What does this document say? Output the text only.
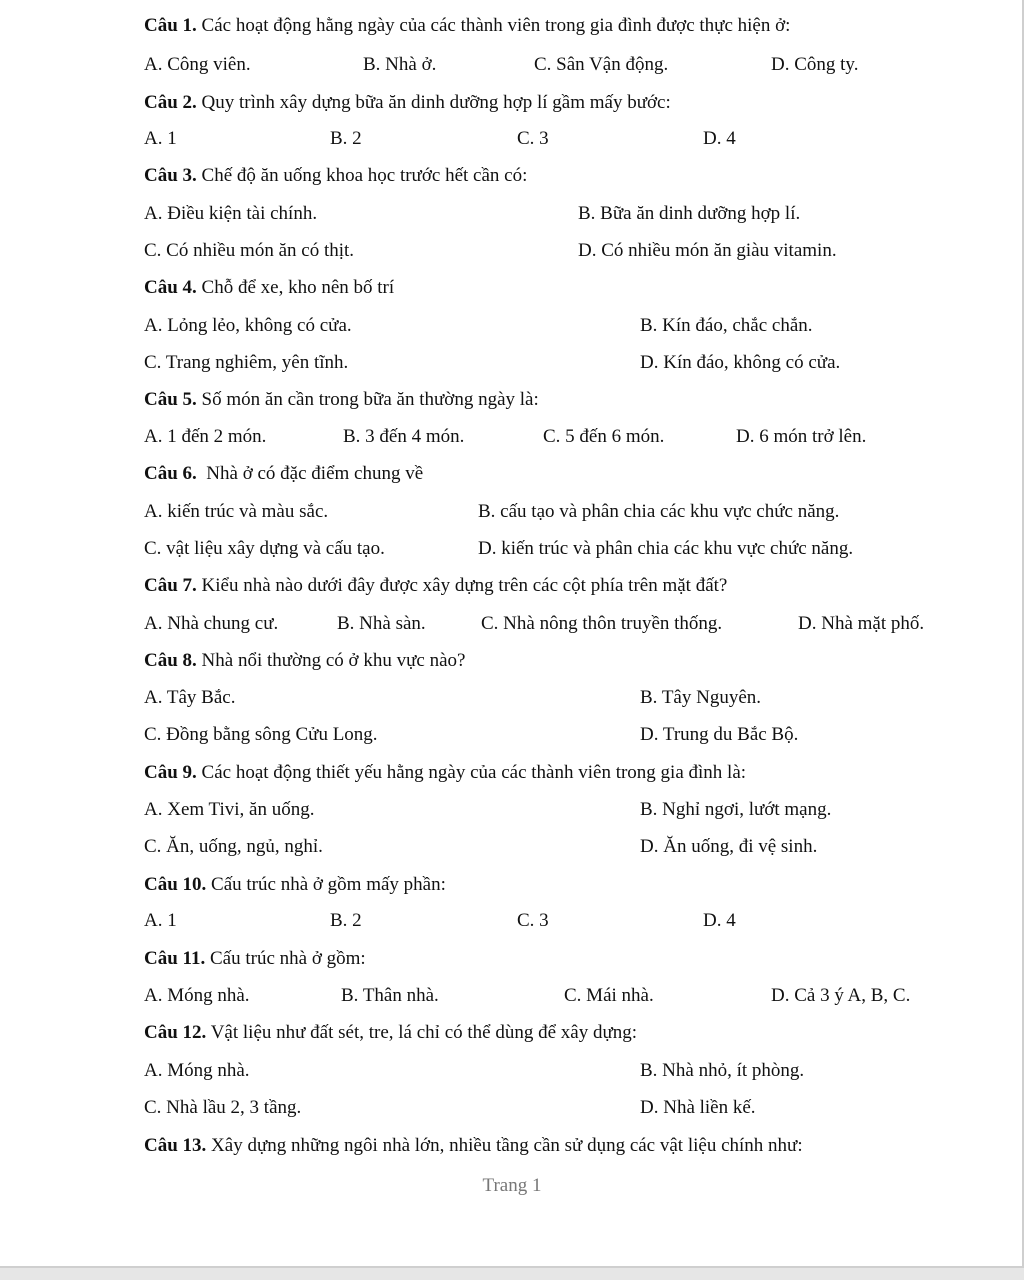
Câu 1. Các hoạt động hằng ngày của các thành viên trong gia đình được thực hiện ở:
A. Công viên.	B. Nhà ở.	C. Sân Vận động.	D. Công ty.
Câu 2. Quy trình xây dựng bữa ăn dinh dưỡng hợp lí gầm mấy bước:
A. 1	B. 2	C. 3	D. 4
Câu 3. Chế độ ăn uống khoa học trước hết cần có:
A. Điều kiện tài chính.	B. Bữa ăn dinh dưỡng hợp lí.
C. Có nhiều món ăn có thịt.	D. Có nhiều món ăn giàu vitamin.
Câu 4. Chỗ để xe, kho nên bố trí
A. Lỏng lẻo, không có cửa.	B. Kín đáo, chắc chắn.
C. Trang nghiêm, yên tĩnh.	D. Kín đáo, không có cửa.
Câu 5. Số món ăn cần trong bữa ăn thường ngày là:
A. 1 đến 2 món.	B. 3 đến 4 món.	C. 5 đến 6 món.	D. 6 món trở lên.
Câu 6.  Nhà ở có đặc điểm chung về
A. kiến trúc và màu sắc.	B. cấu tạo và phân chia các khu vực chức năng.
C. vật liệu xây dựng và cấu tạo.	D. kiến trúc và phân chia các khu vực chức năng.
Câu 7. Kiểu nhà nào dưới đây được xây dựng trên các cột phía trên mặt đất?
A. Nhà chung cư.	B. Nhà sàn.	C. Nhà nông thôn truyền thống.	D. Nhà mặt phố.
Câu 8. Nhà nổi thường có ở khu vực nào?
A. Tây Bắc.	B. Tây Nguyên.
C. Đồng bằng sông Cửu Long.	D. Trung du Bắc Bộ.
Câu 9. Các hoạt động thiết yếu hằng ngày của các thành viên trong gia đình là:
A. Xem Tivi, ăn uống.	B. Nghỉ ngơi, lướt mạng.
C. Ăn, uống, ngủ, nghỉ.	D. Ăn uống, đi vệ sinh.
Câu 10. Cấu trúc nhà ở gồm mấy phần:
A. 1	B. 2	C. 3	D. 4
Câu 11. Cấu trúc nhà ở gồm:
A. Móng nhà.	B. Thân nhà.	C. Mái nhà.	D. Cả 3 ý A, B, C.
Câu 12. Vật liệu như đất sét, tre, lá chỉ có thể dùng để xây dựng:
A. Móng nhà.	B. Nhà nhỏ, ít phòng.
C. Nhà lầu 2, 3 tầng.	D. Nhà liền kế.
Câu 13. Xây dựng những ngôi nhà lớn, nhiều tầng cần sử dụng các vật liệu chính như:
Trang 1
